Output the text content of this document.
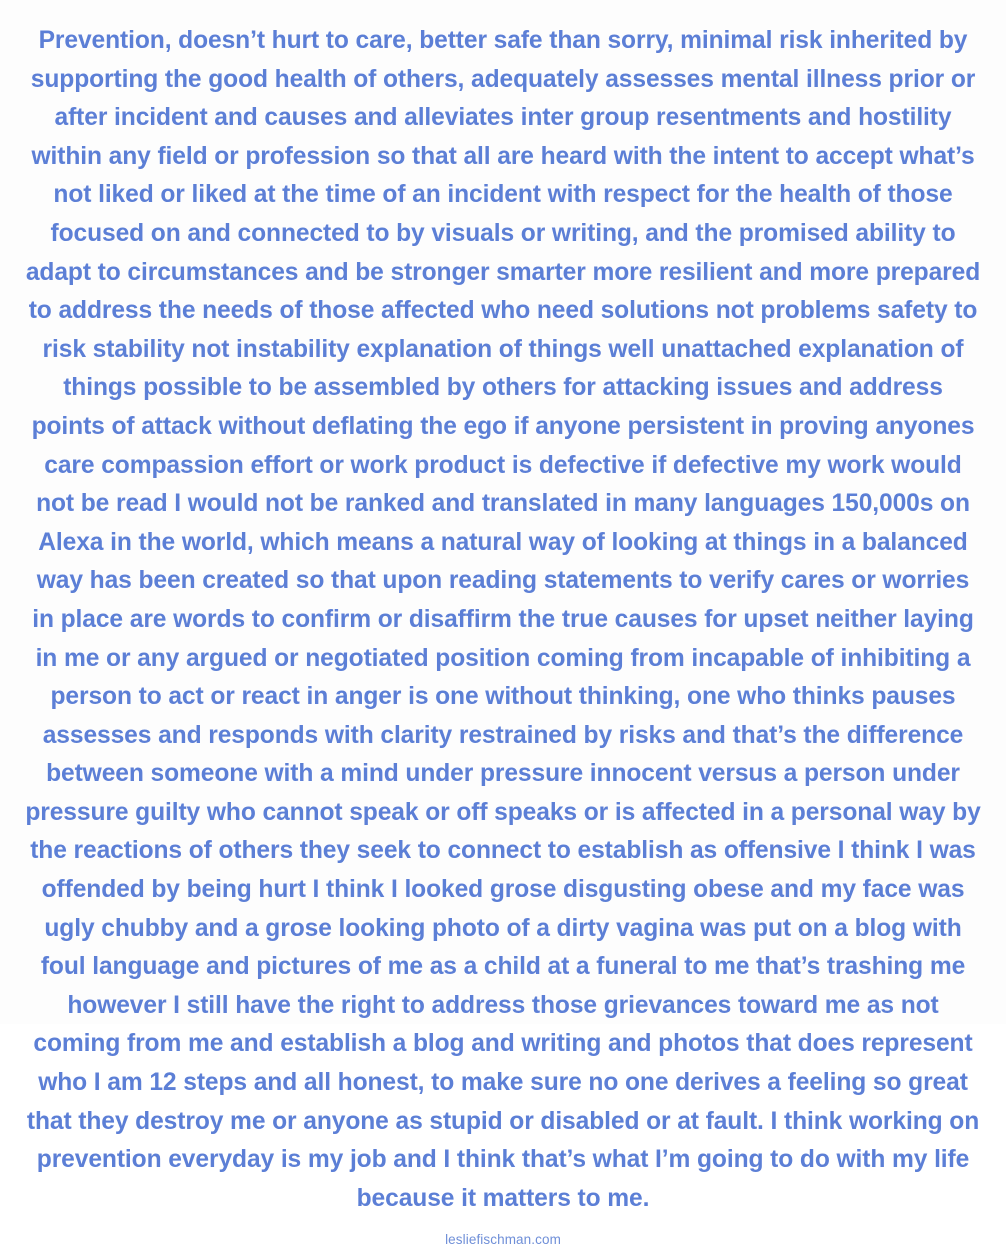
Prevention, doesn’t hurt to care, better safe than sorry, minimal risk inherited by supporting the good health of others, adequately assesses mental illness prior or after incident and causes and alleviates inter group resentments and hostility within any field or profession so that all are heard with the intent to accept what’s not liked or liked at the time of an incident with respect for the health of those focused on and connected to by visuals or writing, and the promised ability to adapt to circumstances and be stronger smarter more resilient and more prepared to address the needs of those affected who need solutions not problems safety to risk stability not instability explanation of things well unattached explanation of things possible to be assembled by others for attacking issues and address points of attack without deflating the ego if anyone persistent in proving anyones care compassion effort or work product is defective if defective my work would not be read I would not be ranked and translated in many languages 150,000s on Alexa in the world, which means a natural way of looking at things in a balanced way has been created so that upon reading statements to verify cares or worries in place are words to confirm or disaffirm the true causes for upset neither laying in me or any argued or negotiated position coming from incapable of inhibiting a person to act or react in anger is one without thinking, one who thinks pauses assesses and responds with clarity restrained by risks and that’s the difference between someone with a mind under pressure innocent versus a person under pressure guilty who cannot speak or off speaks or is affected in a personal way by the reactions of others they seek to connect to establish as offensive I think I was offended by being hurt I think I looked grose disgusting obese and my face was ugly chubby and a grose looking photo of a dirty vagina was put on a blog with foul language and pictures of me as a child at a funeral to me that’s trashing me however I still have the right to address those grievances toward me as not coming from me and establish a blog and writing and photos that does represent who I am 12 steps and all honest, to make sure no one derives a feeling so great that they destroy me or anyone as stupid or disabled or at fault. I think working on prevention everyday is my job and I think that’s what I’m going to do with my life because it matters to me.

lesliefischman.com
